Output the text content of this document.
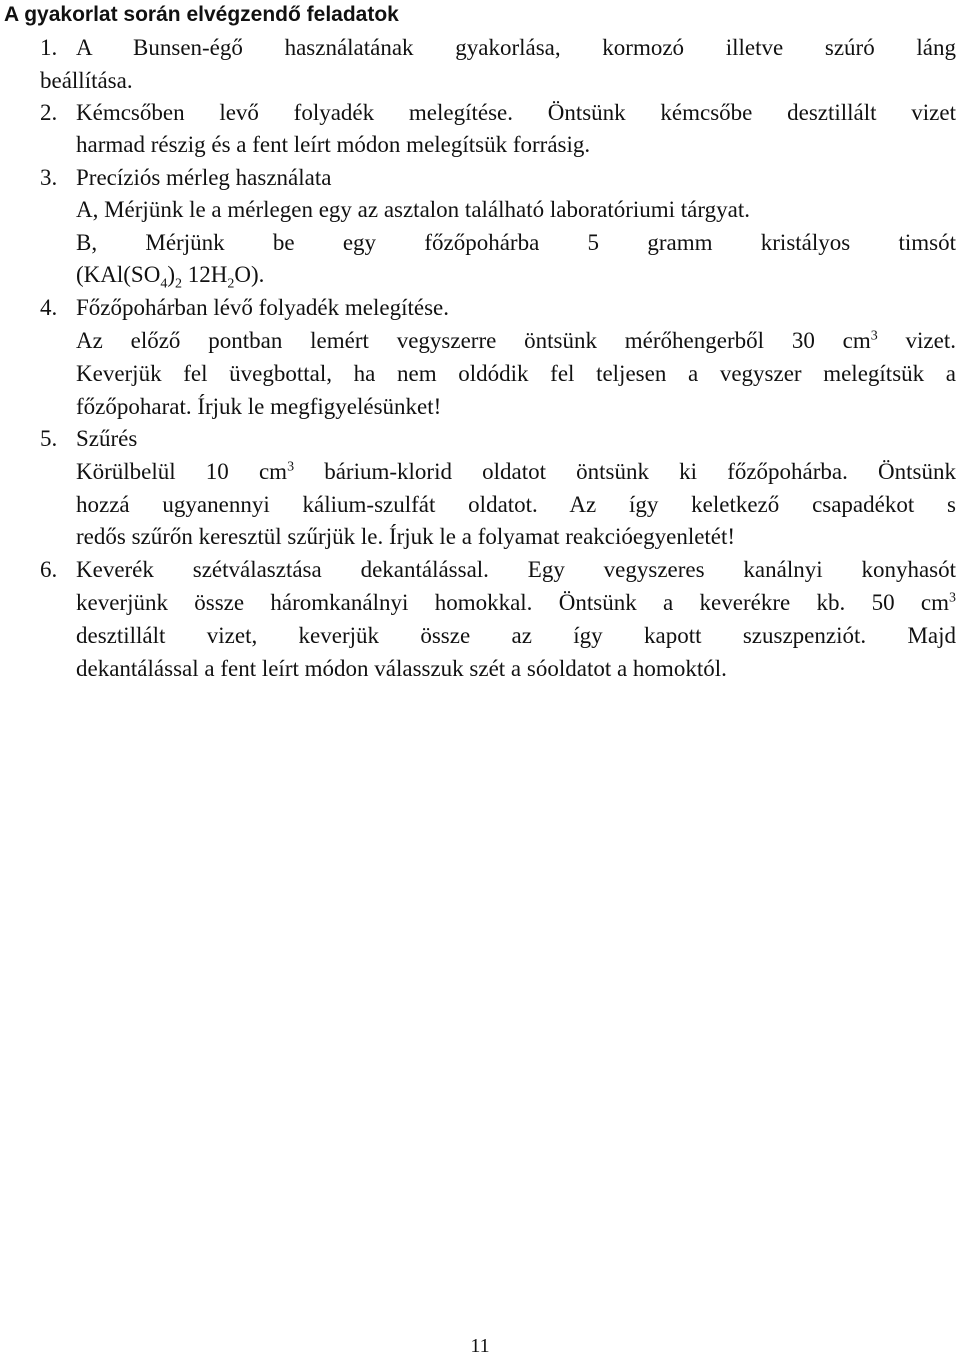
A gyakorlat során elvégzendő feladatok
1. A Bunsen-égő használatának gyakorlása, kormozó illetve szúró láng
beállítása.
2. Kémcsőben levő folyadék melegítése. Öntsünk kémcsőbe desztillált vizet
harmad részig és a fent leírt módon melegítsük forrásig.
3. Precíziós mérleg használata
A, Mérjünk le a mérlegen egy az asztalon található laboratóriumi tárgyat.
B, Mérjünk be egy főzőpohárba 5 gramm kristályos timsót
($KAl(SO_4)_2$ $12H_2O$).
4. Főzőpohárban lévő folyadék melegítése.
Az előző pontban lemért vegyszerre öntsünk mérőhengerből 30 $cm^3$ vizet.
Keverjük fel üvegbottal, ha nem oldódik fel teljesen a vegyszer melegítsük a
főzőpoharat. Írjuk le megfigyelésünket!
5. Szűrés
Körülbelül 10 $cm^3$ bárium-klorid oldatot öntsünk ki főzőpohárba. Öntsünk
hozzá ugyanennyi kálium-szulfát oldatot. Az így keletkező csapadékot s
redős szűrőn keresztül szűrjük le. Írjuk le a folyamat reakcióegyenletét!
6. Keverék szétválasztása dekantálással. Egy vegyszeres kanálnyi konyhasót
keverjünk össze háromkanálnyi homokkal. Öntsünk a keverékre kb. 50 $cm^3$
desztillált vizet, keverjük össze az így kapott szuszpenziót. Majd
dekantálással a fent leírt módon válasszuk szét a sóoldatot a homoktól.
11
